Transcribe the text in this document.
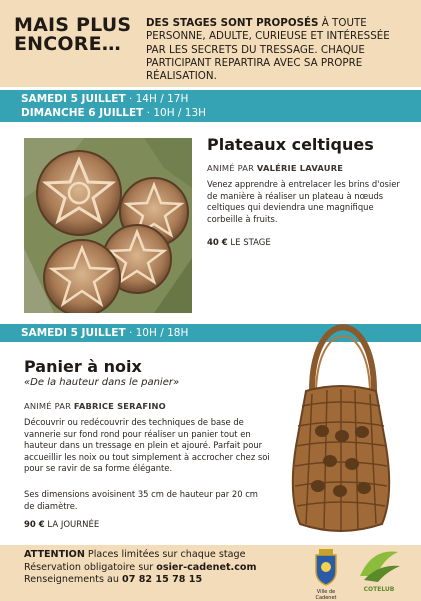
MAIS PLUS
ENCORE…
DES STAGES SONT PROPOSÉS À TOUTE PERSONNE, ADULTE, CURIEUSE ET INTÉRESSÉE PAR LES SECRETS DU TRESSAGE. CHAQUE PARTICIPANT REPARTIRA AVEC SA PROPRE RÉALISATION.
SAMEDI 5 JUILLET · 14H / 17H
DIMANCHE 6 JUILLET · 10H / 13H
Plateaux celtiques
ANIMÉ PAR VALÉRIE LAVAURE
Venez apprendre à entrelacer les brins d'osier de manière à réaliser un plateau à nœuds celtiques qui deviendra une magnifique corbeille à fruits.
40 € LE STAGE
SAMEDI 5 JUILLET · 10H / 18H
Panier à noix
«De la hauteur dans le panier»
ANIMÉ PAR FABRICE SERAFINO
Découvrir ou redécouvrir des techniques de base de vannerie sur fond rond pour réaliser un panier tout en hauteur dans un tressage en plein et ajouré. Parfait pour accueillir les noix ou tout simplement à accrocher chez soi pour se ravir de sa forme élégante.
Ses dimensions avoisinent 35 cm de hauteur par 20 cm de diamètre.
90 € LA JOURNÉE
ATTENTION Places limitées sur chaque stage
Réservation obligatoire sur osier-cadenet.com
Renseignements au 07 82 15 78 15
Ville de Cadenet
COTELUB
